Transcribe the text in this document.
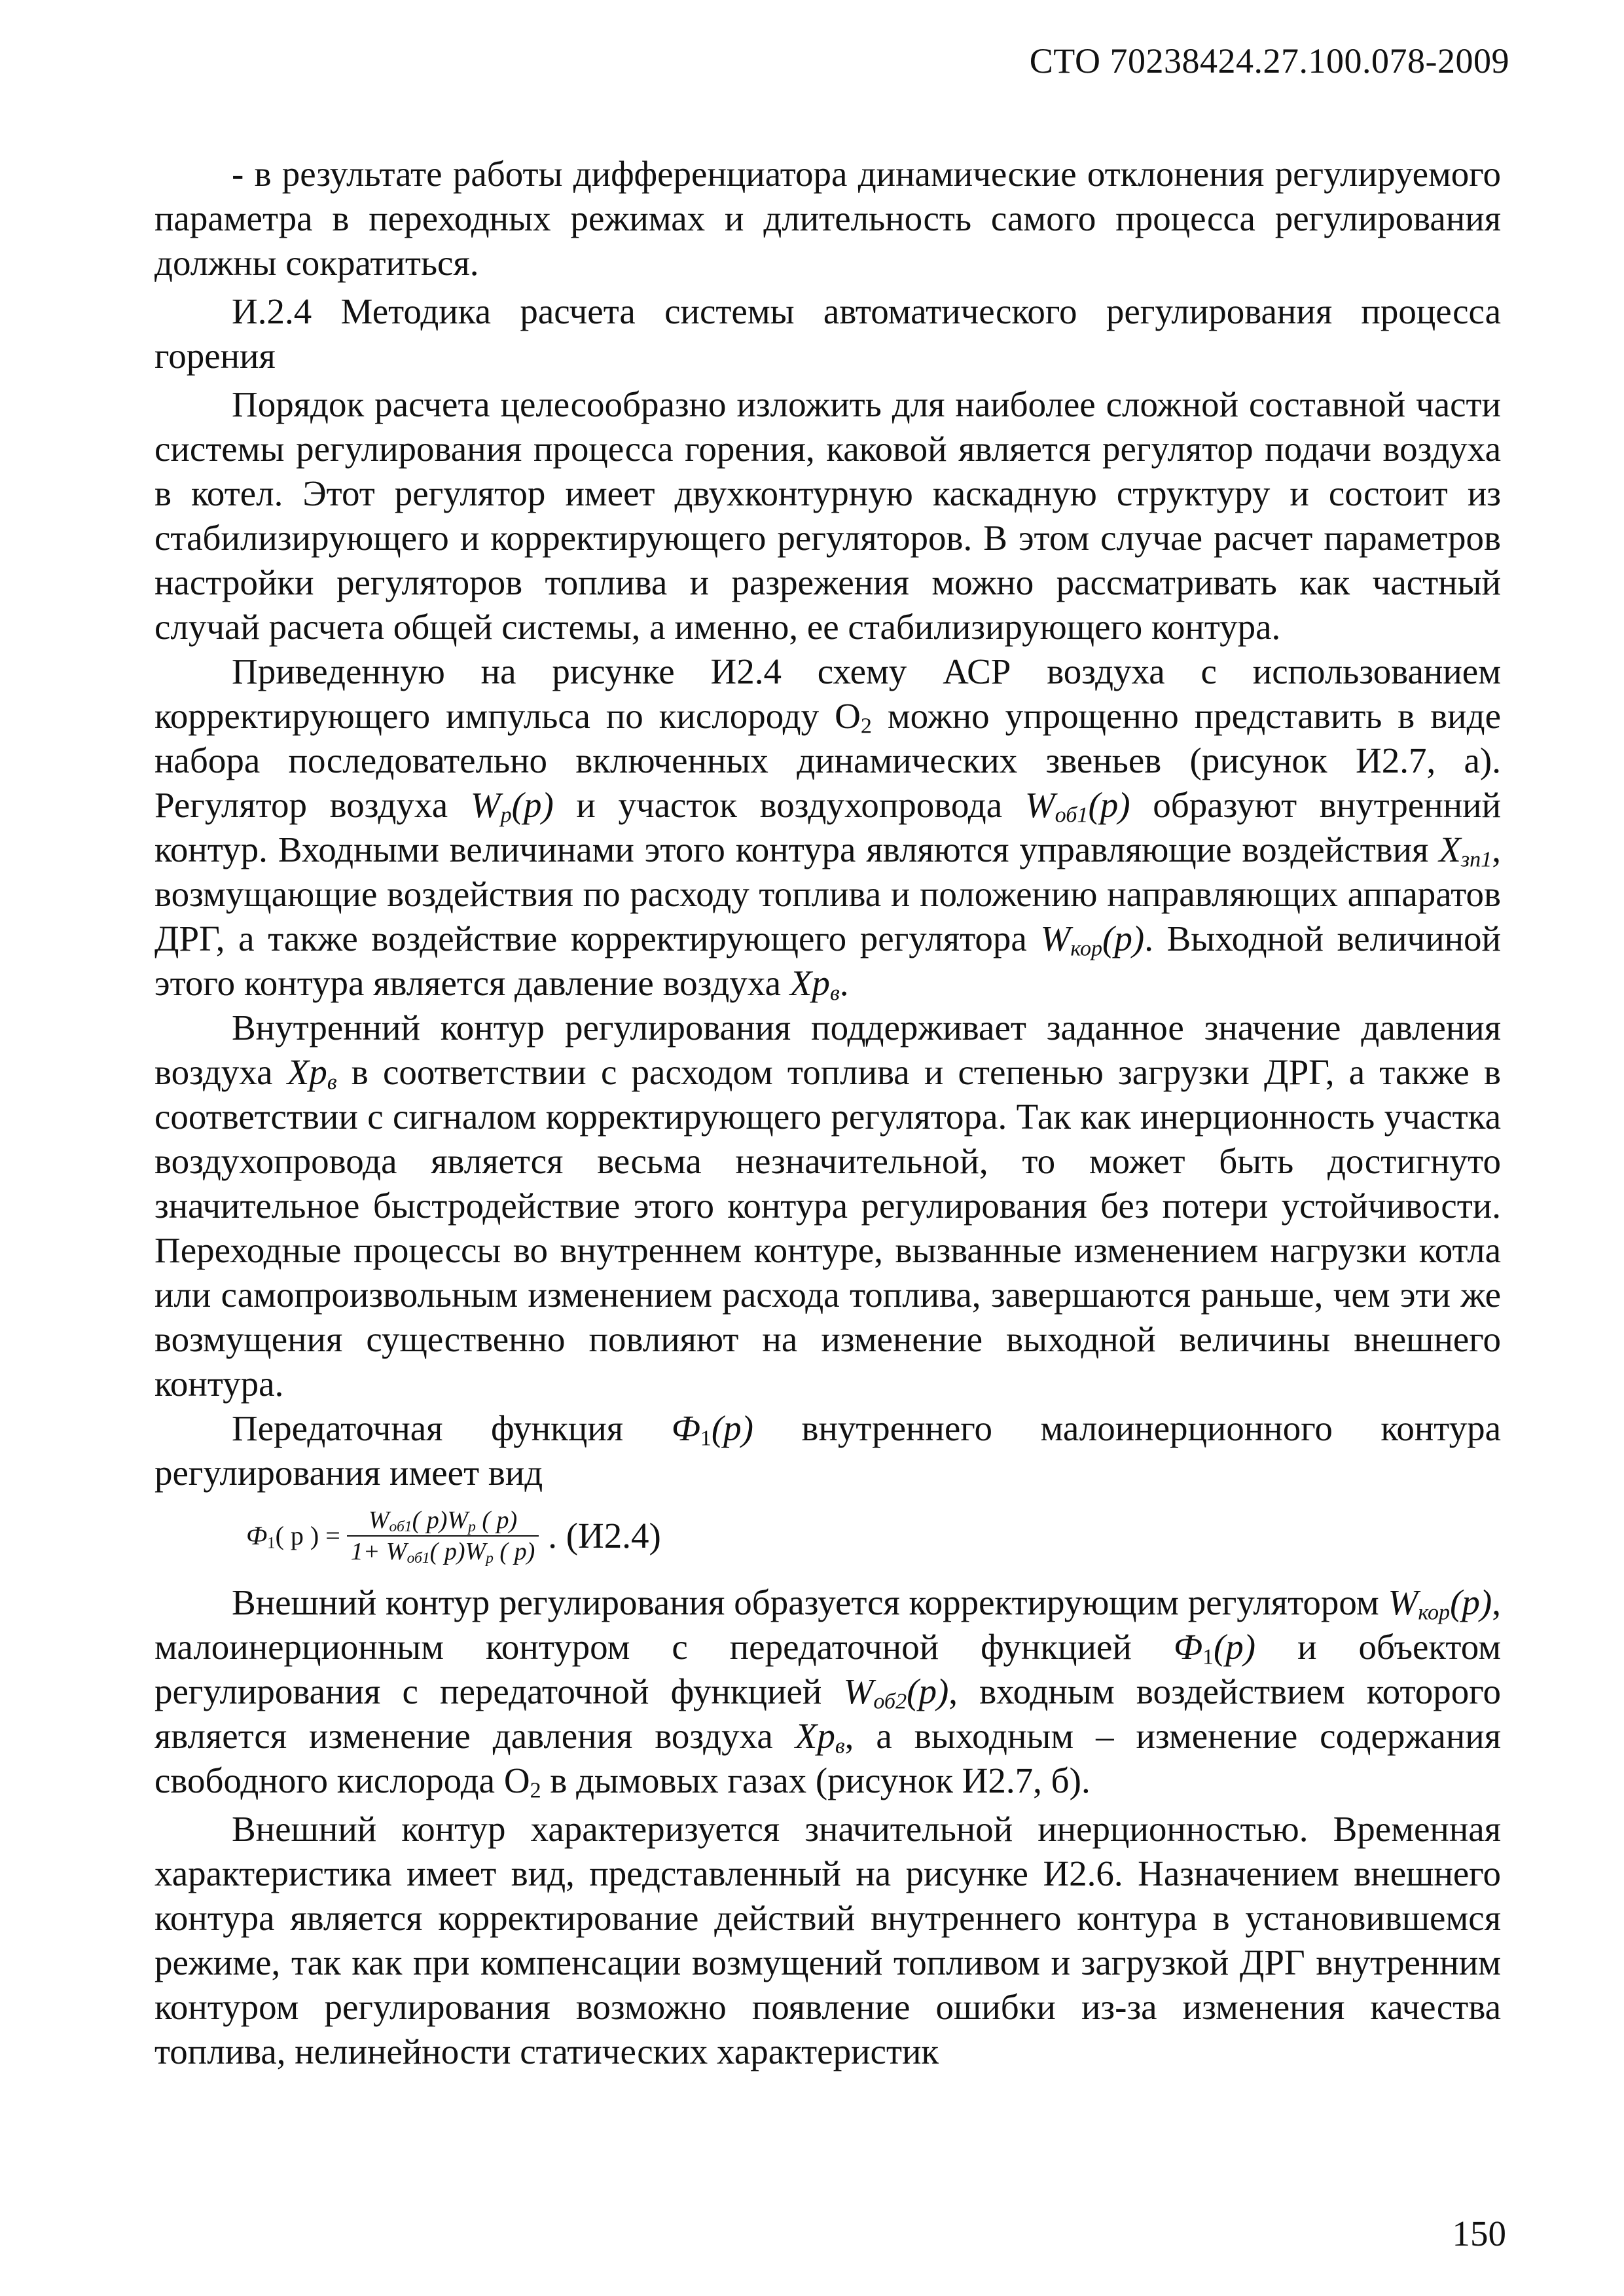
СТО 70238424.27.100.078-2009

- в результате работы дифференциатора динамические отклонения регулируемого параметра в переходных режимах и длительность самого процесса регулирования должны сократиться.

И.2.4 Методика расчета системы автоматического регулирования процесса горения

Порядок расчета целесообразно изложить для наиболее сложной составной части системы регулирования процесса горения, каковой является регулятор подачи воздуха в котел. Этот регулятор имеет двухконтурную каскадную структуру и состоит из стабилизирующего и корректирующего регуляторов. В этом случае расчет параметров настройки регуляторов топлива и разрежения можно рассматривать как частный случай расчета общей системы, а именно, ее стабилизирующего контура.

Приведенную на рисунке И2.4 схему АСР воздуха с использованием корректирующего импульса по кислороду $O_2$ можно упрощенно представить в виде набора последовательно включенных динамических звеньев (рисунок И2.7, а). Регулятор воздуха $W_p(p)$ и участок воздухопровода $W_{об1}(p)$ образуют внутренний контур. Входными величинами этого контура являются управляющие воздействия $X_{зп1}$, возмущающие воздействия по расходу топлива и положению направляющих аппаратов ДРГ, а также воздействие корректирующего регулятора $W_{кор}(p)$. Выходной величиной этого контура является давление воздуха $Xp_в$.

Внутренний контур регулирования поддерживает заданное значение давления воздуха $Xp_в$ в соответствии с расходом топлива и степенью загрузки ДРГ, а также в соответствии с сигналом корректирующего регулятора. Так как инерционность участка воздухопровода является весьма незначительной, то может быть достигнуто значительное быстродействие этого контура регулирования без потери устойчивости. Переходные процессы во внутреннем контуре, вызванные изменением нагрузки котла или самопроизвольным изменением расхода топлива, завершаются раньше, чем эти же возмущения существенно повлияют на изменение выходной величины внешнего контура.

Передаточная функция $Ф_1(p)$ внутреннего малоинерционного контура регулирования имеет вид

$Ф_1$( p ) = $\frac{W_{об1}( p)W_p ( p)}{1+ W_{об1}( p)W_p ( p)}$ . (И2.4)

Внешний контур регулирования образуется корректирующим регулятором $W_{кор}(p)$, малоинерционным контуром с передаточной функцией $Ф_1(p)$ и объектом регулирования с передаточной функцией $W_{об2}(p)$, входным воздействием которого является изменение давления воздуха $Xp_в$, а выходным – изменение содержания свободного кислорода $O_2$ в дымовых газах (рисунок И2.7, б).

Внешний контур характеризуется значительной инерционностью. Временная характеристика имеет вид, представленный на рисунке И2.6. Назначением внешнего контура является корректирование действий внутреннего контура в установившемся режиме, так как при компенсации возмущений топливом и загрузкой ДРГ внутренним контуром регулирования возможно появление ошибки из-за изменения качества топлива, нелинейности статических характеристик

150
